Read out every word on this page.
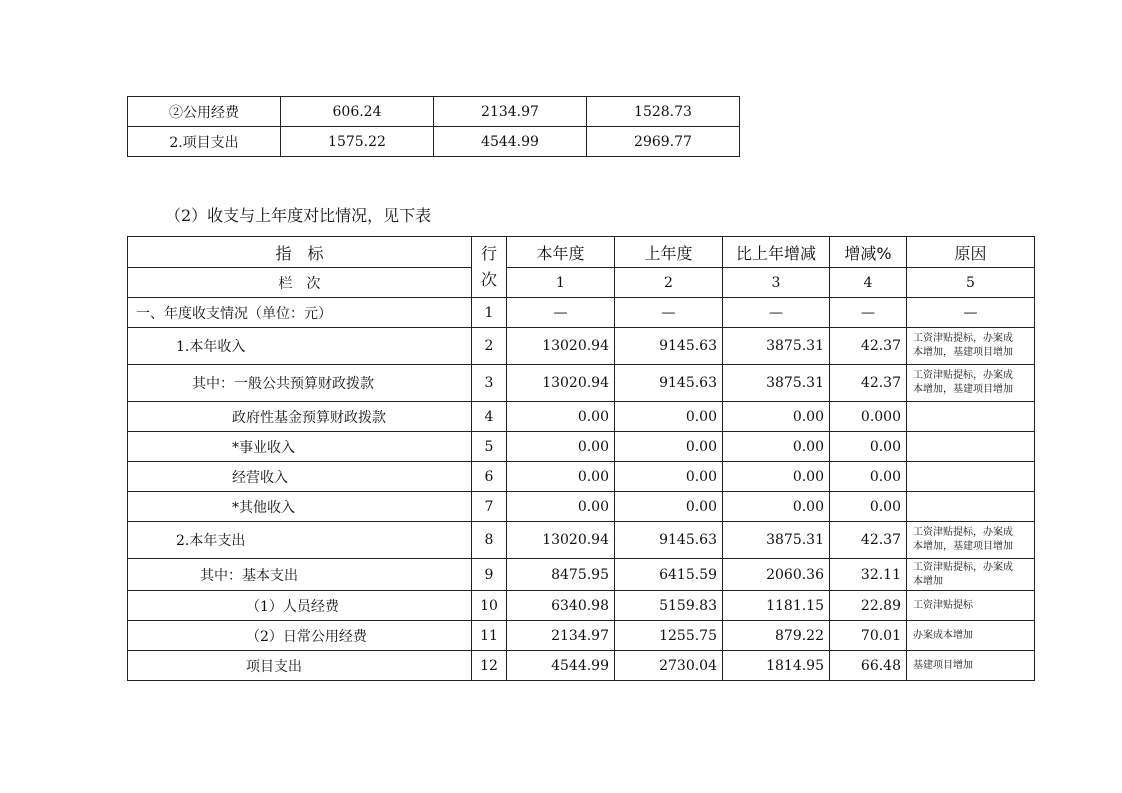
②公用经费	606.24	2134.97	1528.73
2.项目支出	1575.22	4544.99	2969.77
（2）收支与上年度对比情况，见下表
指　标	行次	本年度	上年度	比上年增减	增减%	原因
栏　次		1	2	3	4	5
一、年度收支情况（单位：元）	1	—	—	—	—	—
1.本年收入	2	13020.94	9145.63	3875.31	42.37	工资津贴提标，办案成
本增加，基建项目增加

其中：一般公共预算财政拨款	3	13020.94	9145.63	3875.31	42.37	工资津贴提标，办案成
本增加，基建项目增加

政府性基金预算财政拨款	4	0.00	0.00	0.00	0.000	
*事业收入	5	0.00	0.00	0.00	0.00	
经营收入	6	0.00	0.00	0.00	0.00	
*其他收入	7	0.00	0.00	0.00	0.00	
2.本年支出	8	13020.94	9145.63	3875.31	42.37	工资津贴提标，办案成
本增加，基建项目增加

其中：基本支出	9	8475.95	6415.59	2060.36	32.11	工资津贴提标，办案成
本增加

（1）人员经费	10	6340.98	5159.83	1181.15	22.89	工资津贴提标

（2）日常公用经费	11	2134.97	1255.75	879.22	70.01	办案成本增加

项目支出	12	4544.99	2730.04	1814.95	66.48	基建项目增加
